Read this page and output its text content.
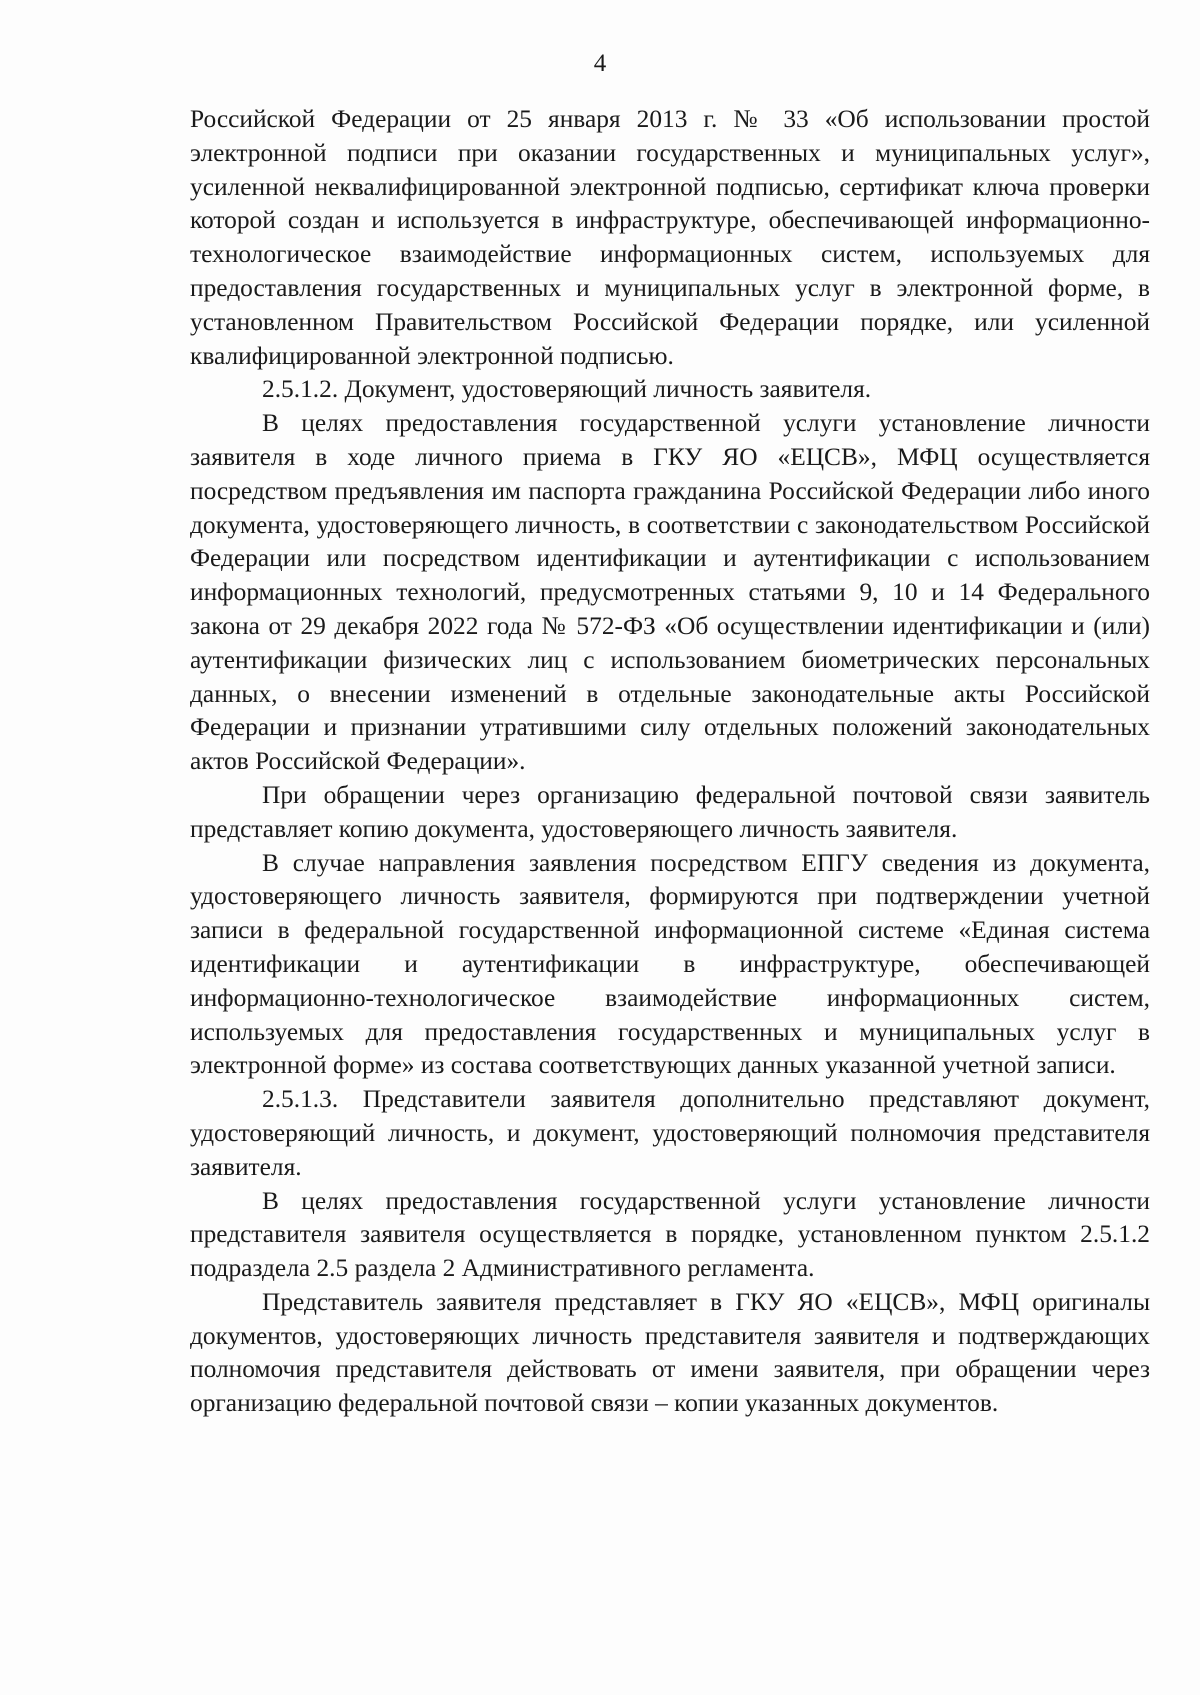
4

Российской Федерации от 25 января 2013 г. № 33 «Об использовании простой электронной подписи при оказании государственных и муниципальных услуг», усиленной неквалифицированной электронной подписью, сертификат ключа проверки которой создан и используется в инфраструктуре, обеспечивающей информационно-технологическое взаимодействие информационных систем, используемых для предоставления государственных и муниципальных услуг в электронной форме, в установленном Правительством Российской Федерации порядке, или усиленной квалифицированной электронной подписью.

2.5.1.2. Документ, удостоверяющий личность заявителя.

В целях предоставления государственной услуги установление личности заявителя в ходе личного приема в ГКУ ЯО «ЕЦСВ», МФЦ осуществляется посредством предъявления им паспорта гражданина Российской Федерации либо иного документа, удостоверяющего личность, в соответствии с законодательством Российской Федерации или посредством идентификации и аутентификации с использованием информационных технологий, предусмотренных статьями 9, 10 и 14 Федерального закона от 29 декабря 2022 года № 572-ФЗ «Об осуществлении идентификации и (или) аутентификации физических лиц с использованием биометрических персональных данных, о внесении изменений в отдельные законодательные акты Российской Федерации и признании утратившими силу отдельных положений законодательных актов Российской Федерации».

При обращении через организацию федеральной почтовой связи заявитель представляет копию документа, удостоверяющего личность заявителя.

В случае направления заявления посредством ЕПГУ сведения из документа, удостоверяющего личность заявителя, формируются при подтверждении учетной записи в федеральной государственной информационной системе «Единая система идентификации и аутентификации в инфраструктуре, обеспечивающей информационно-технологическое взаимодействие информационных систем, используемых для предоставления государственных и муниципальных услуг в электронной форме» из состава соответствующих данных указанной учетной записи.

2.5.1.3. Представители заявителя дополнительно представляют документ, удостоверяющий личность, и документ, удостоверяющий полномочия представителя заявителя.

В целях предоставления государственной услуги установление личности представителя заявителя осуществляется в порядке, установленном пунктом 2.5.1.2 подраздела 2.5 раздела 2 Административного регламента.

Представитель заявителя представляет в ГКУ ЯО «ЕЦСВ», МФЦ оригиналы документов, удостоверяющих личность представителя заявителя и подтверждающих полномочия представителя действовать от имени заявителя, при обращении через организацию федеральной почтовой связи – копии указанных документов.
